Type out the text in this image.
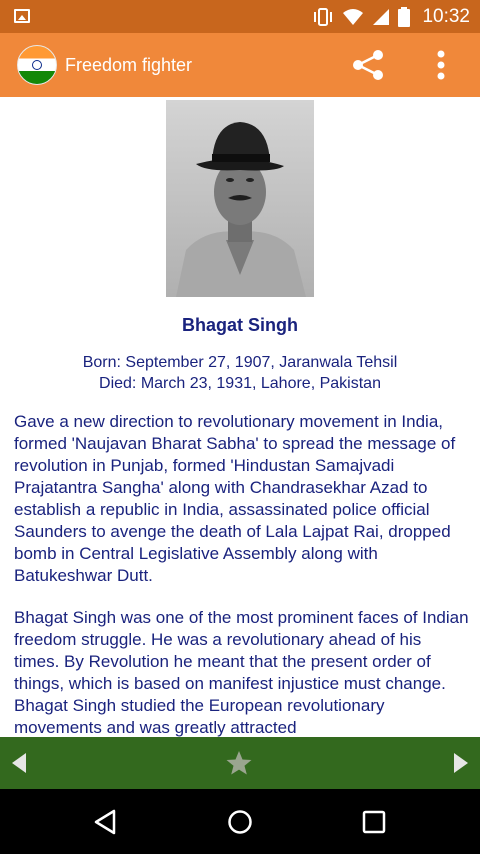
10:32
Freedom fighter
Bhagat Singh
Born: September 27, 1907, Jaranwala Tehsil
Died: March 23, 1931, Lahore, Pakistan

Gave a new direction to revolutionary movement in India, formed 'Naujavan Bharat Sabha' to spread the message of revolution in Punjab, formed 'Hindustan Samajvadi Prajatantra Sangha' along with Chandrasekhar Azad to establish a republic in India, assassinated police official Saunders to avenge the death of Lala Lajpat Rai, dropped bomb in Central Legislative Assembly along with Batukeshwar Dutt.

Bhagat Singh was one of the most prominent faces of Indian freedom struggle. He was a revolutionary ahead of his times. By Revolution he meant that the present order of things, which is based on manifest injustice must change. Bhagat Singh studied the European revolutionary movements and was greatly attracted
